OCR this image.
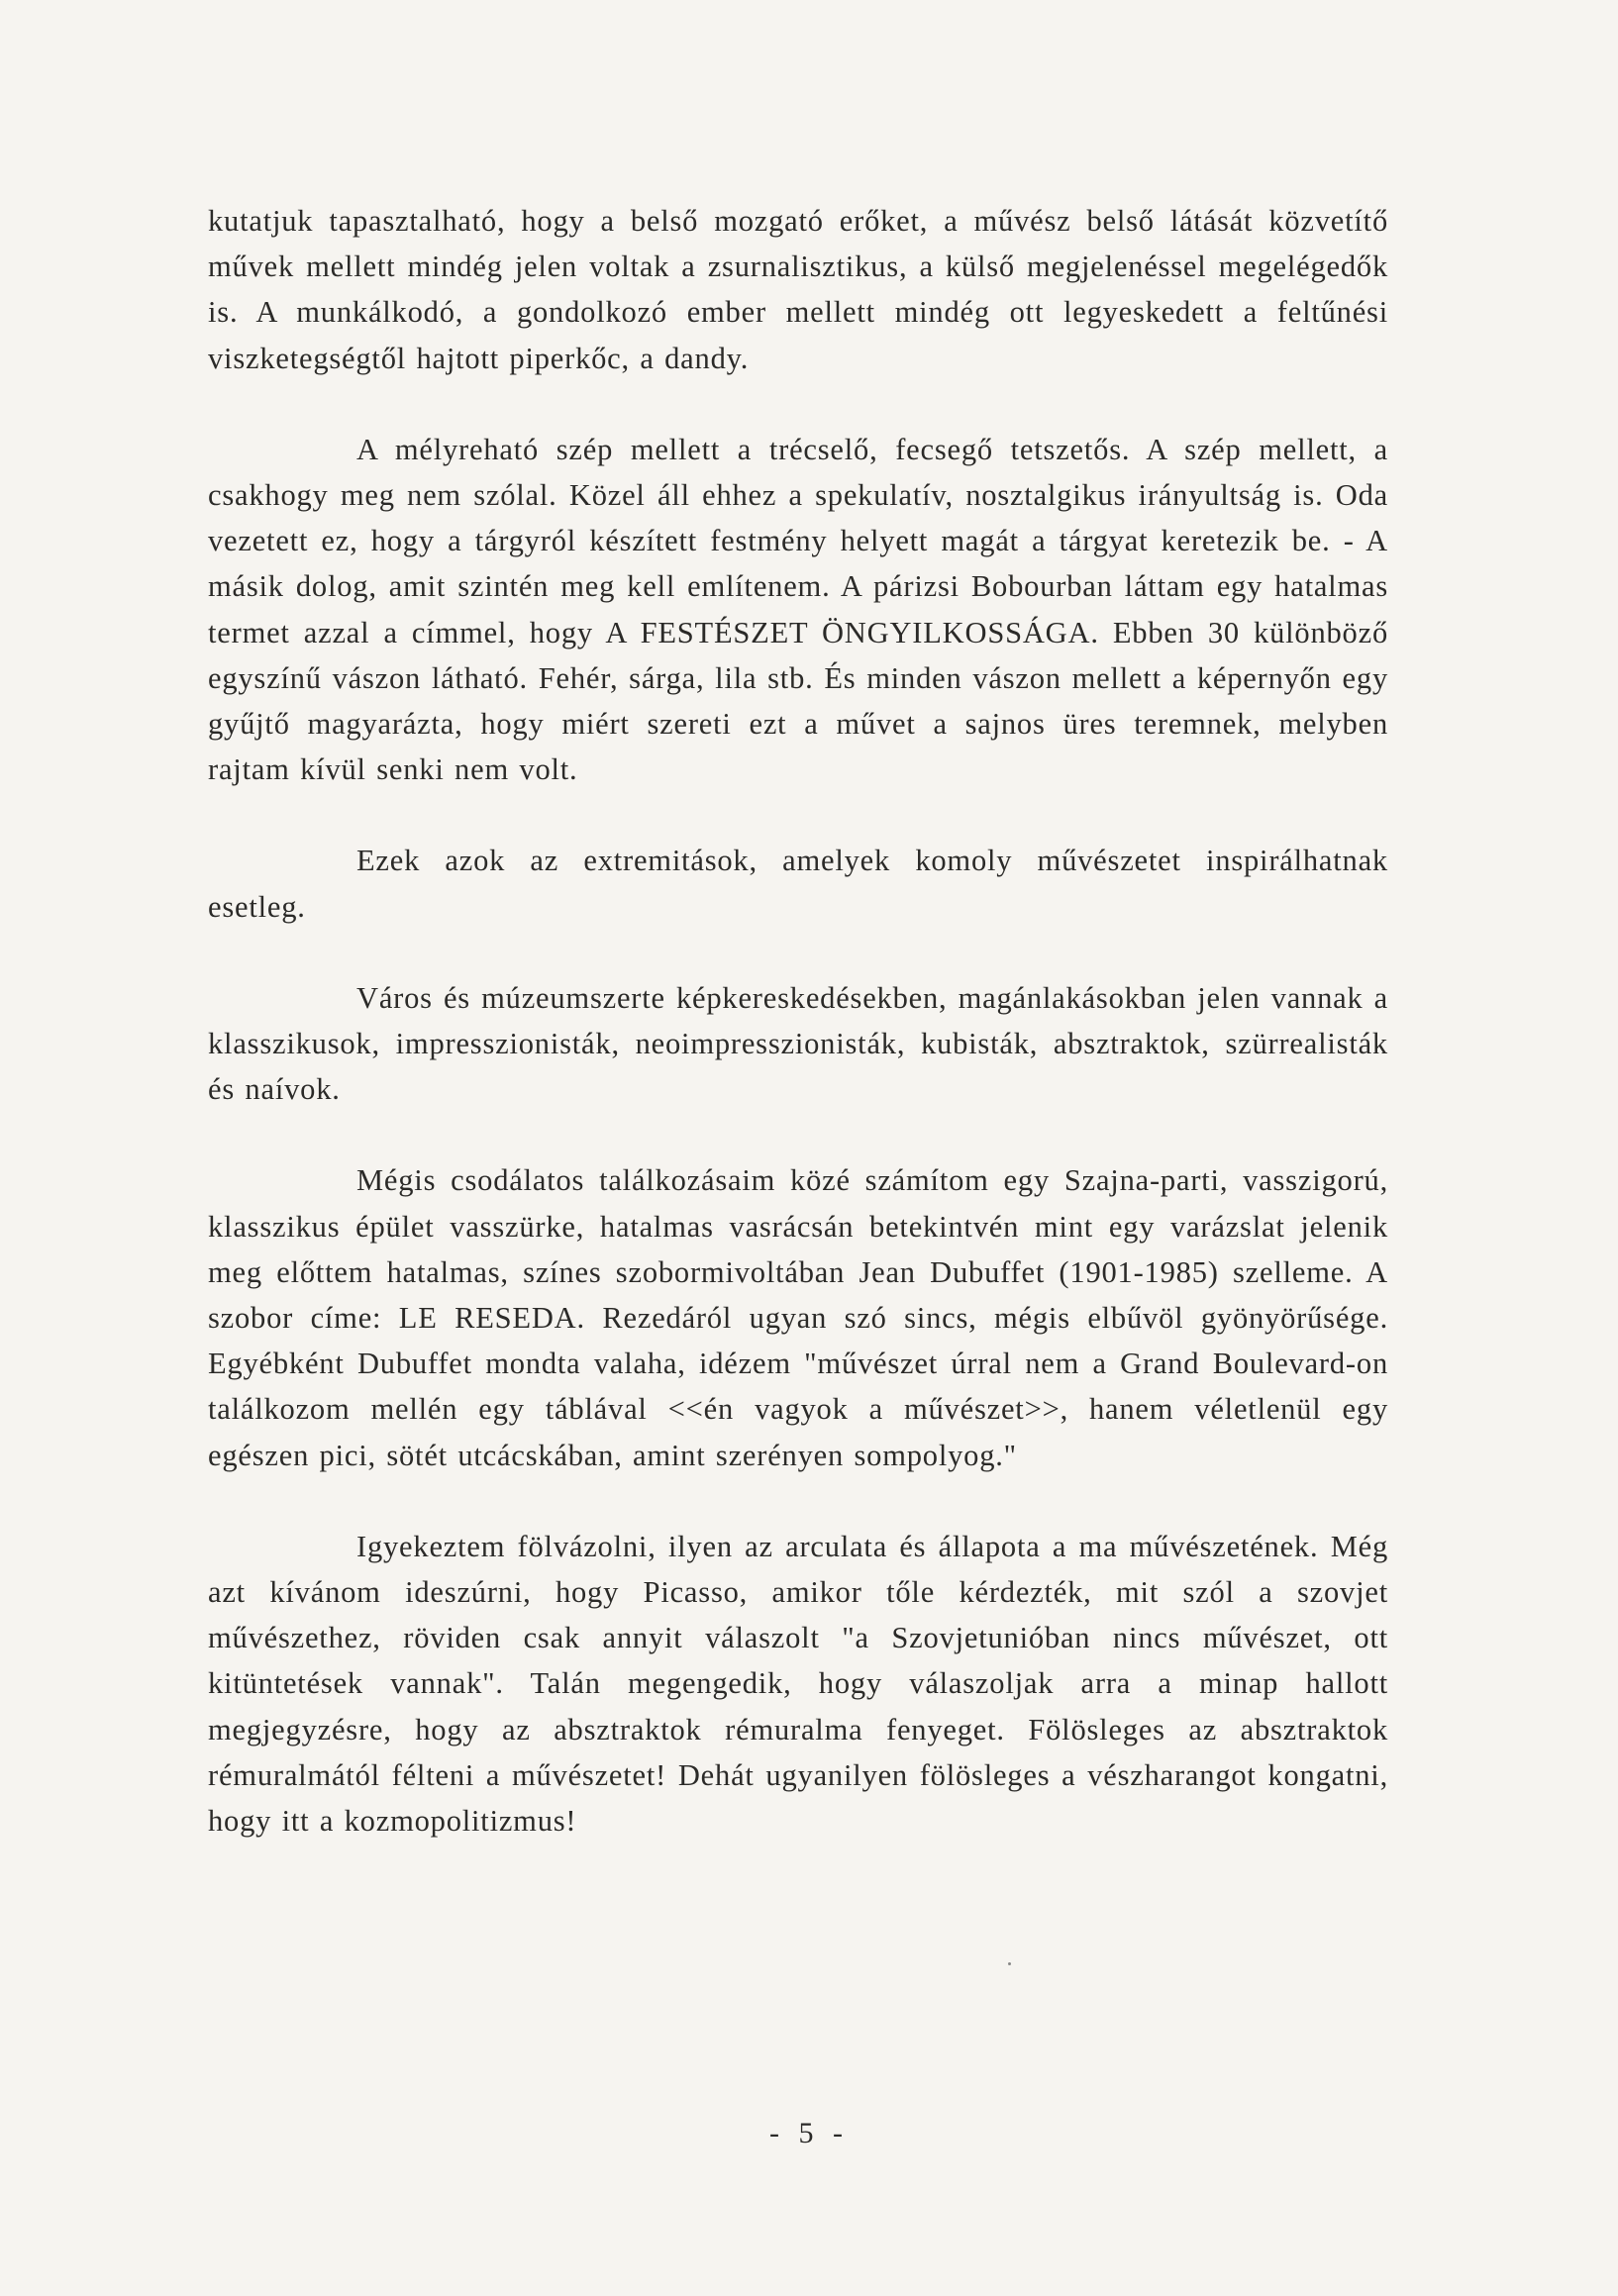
kutatjuk tapasztalható, hogy a belső mozgató erőket, a művész belső látását közvetítő művek mellett mindég jelen voltak a zsurnalisztikus, a külső megjelenéssel megelégedők is. A munkálkodó, a gondolkozó ember mellett mindég ott legyeskedett a feltűnési viszketegségtől hajtott piperkőc, a dandy.

A mélyreható szép mellett a trécselő, fecsegő tetszetős. A szép mellett, a csakhogy meg nem szólal. Közel áll ehhez a spekulatív, nosztalgikus irányultság is. Oda vezetett ez, hogy a tárgyról készített festmény helyett magát a tárgyat keretezik be. - A másik dolog, amit szintén meg kell említenem. A párizsi Bobourban láttam egy hatalmas termet azzal a címmel, hogy A FESTÉSZET ÖNGYILKOSSÁGA. Ebben 30 különböző egyszínű vászon látható. Fehér, sárga, lila stb. És minden vászon mellett a képernyőn egy gyűjtő magyarázta, hogy miért szereti ezt a művet a sajnos üres teremnek, melyben rajtam kívül senki nem volt.

Ezek azok az extremitások, amelyek komoly művészetet inspirálhatnak esetleg.

Város és múzeumszerte képkereskedésekben, magánlakásokban jelen vannak a klasszikusok, impresszionisták, neoimpresszionisták, kubisták, absztraktok, szürrealisták és naívok.

Mégis csodálatos találkozásaim közé számítom egy Szajna-parti, vasszigorú, klasszikus épület vasszürke, hatalmas vasrácsán betekintvén mint egy varázslat jelenik meg előttem hatalmas, színes szobormivoltában Jean Dubuffet (1901-1985) szelleme. A szobor címe: LE RESEDA. Rezedáról ugyan szó sincs, mégis elbűvöl gyönyörűsége. Egyébként Dubuffet mondta valaha, idézem "művészet úrral nem a Grand Boulevard-on találkozom mellén egy táblával <<én vagyok a művészet>>, hanem véletlenül egy egészen pici, sötét utcácskában, amint szerényen sompolyog."

Igyekeztem fölvázolni, ilyen az arculata és állapota a ma művészetének. Még azt kívánom ideszúrni, hogy Picasso, amikor tőle kérdezték, mit szól a szovjet művészethez, röviden csak annyit válaszolt "a Szovjetunióban nincs művészet, ott kitüntetések vannak". Talán megengedik, hogy válaszoljak arra a minap hallott megjegyzésre, hogy az absztraktok rémuralma fenyeget. Fölösleges az absztraktok rémuralmától félteni a művészetet! Dehát ugyanilyen fölösleges a vészharangot kongatni, hogy itt a kozmopolitizmus!

- 5 -
